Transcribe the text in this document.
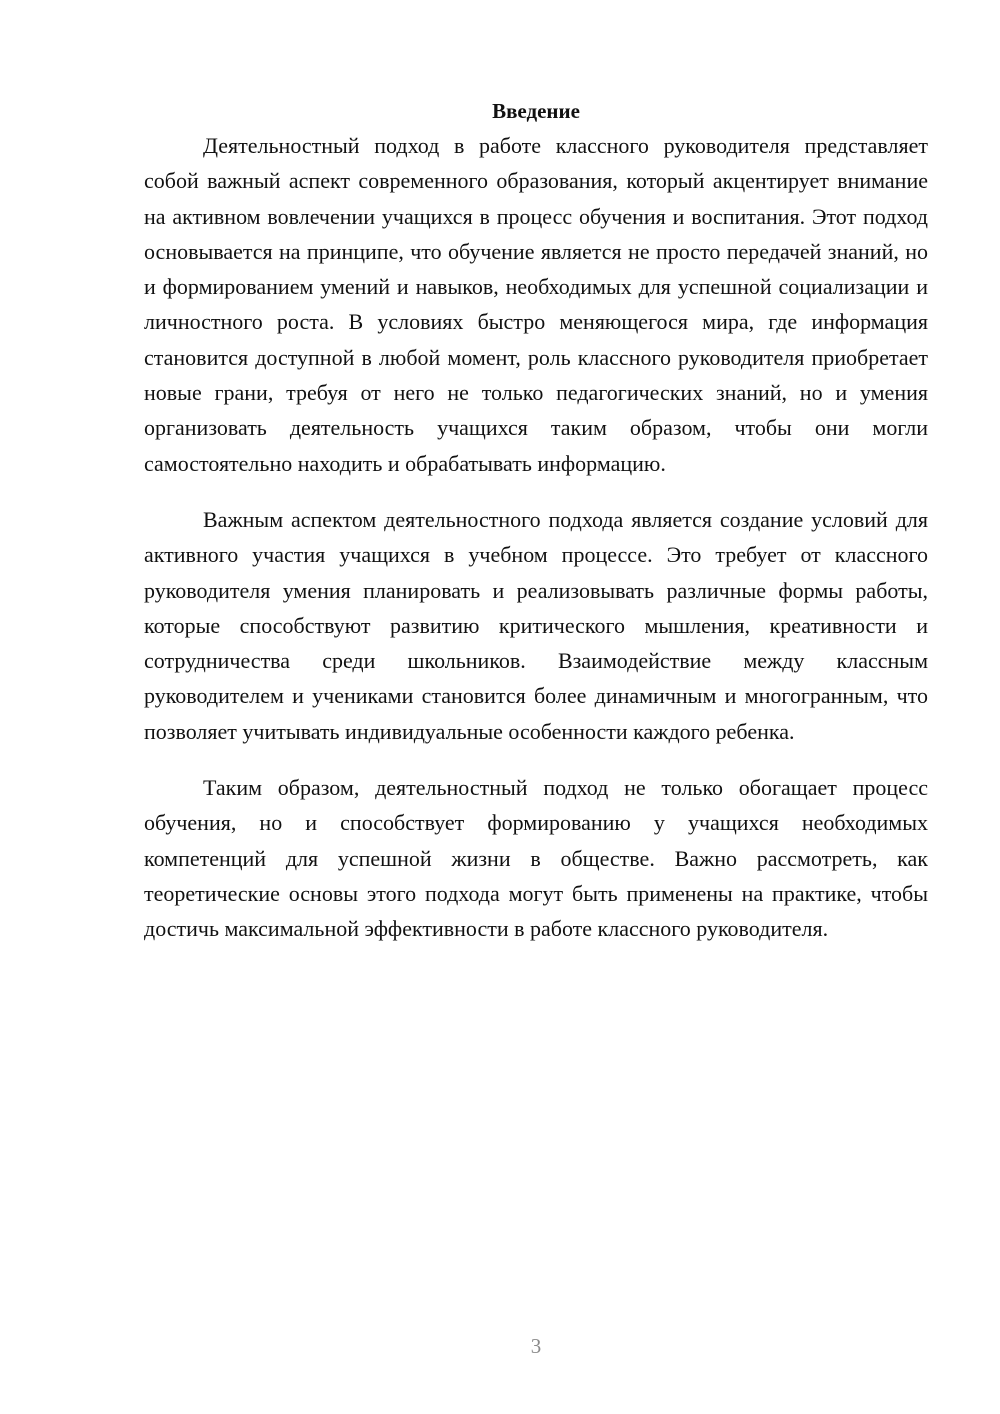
Введение

Деятельностный подход в работе классного руководителя представляет собой важный аспект современного образования, который акцентирует внимание на активном вовлечении учащихся в процесс обучения и воспитания. Этот подход основывается на принципе, что обучение является не просто передачей знаний, но и формированием умений и навыков, необходимых для успешной социализации и личностного роста. В условиях быстро меняющегося мира, где информация становится доступной в любой момент, роль классного руководителя приобретает новые грани, требуя от него не только педагогических знаний, но и умения организовать деятельность учащихся таким образом, чтобы они могли самостоятельно находить и обрабатывать информацию.

Важным аспектом деятельностного подхода является создание условий для активного участия учащихся в учебном процессе. Это требует от классного руководителя умения планировать и реализовывать различные формы работы, которые способствуют развитию критического мышления, креативности и сотрудничества среди школьников. Взаимодействие между классным руководителем и учениками становится более динамичным и многогранным, что позволяет учитывать индивидуальные особенности каждого ребенка.

Таким образом, деятельностный подход не только обогащает процесс обучения, но и способствует формированию у учащихся необходимых компетенций для успешной жизни в обществе. Важно рассмотреть, как теоретические основы этого подхода могут быть применены на практике, чтобы достичь максимальной эффективности в работе классного руководителя.

3
